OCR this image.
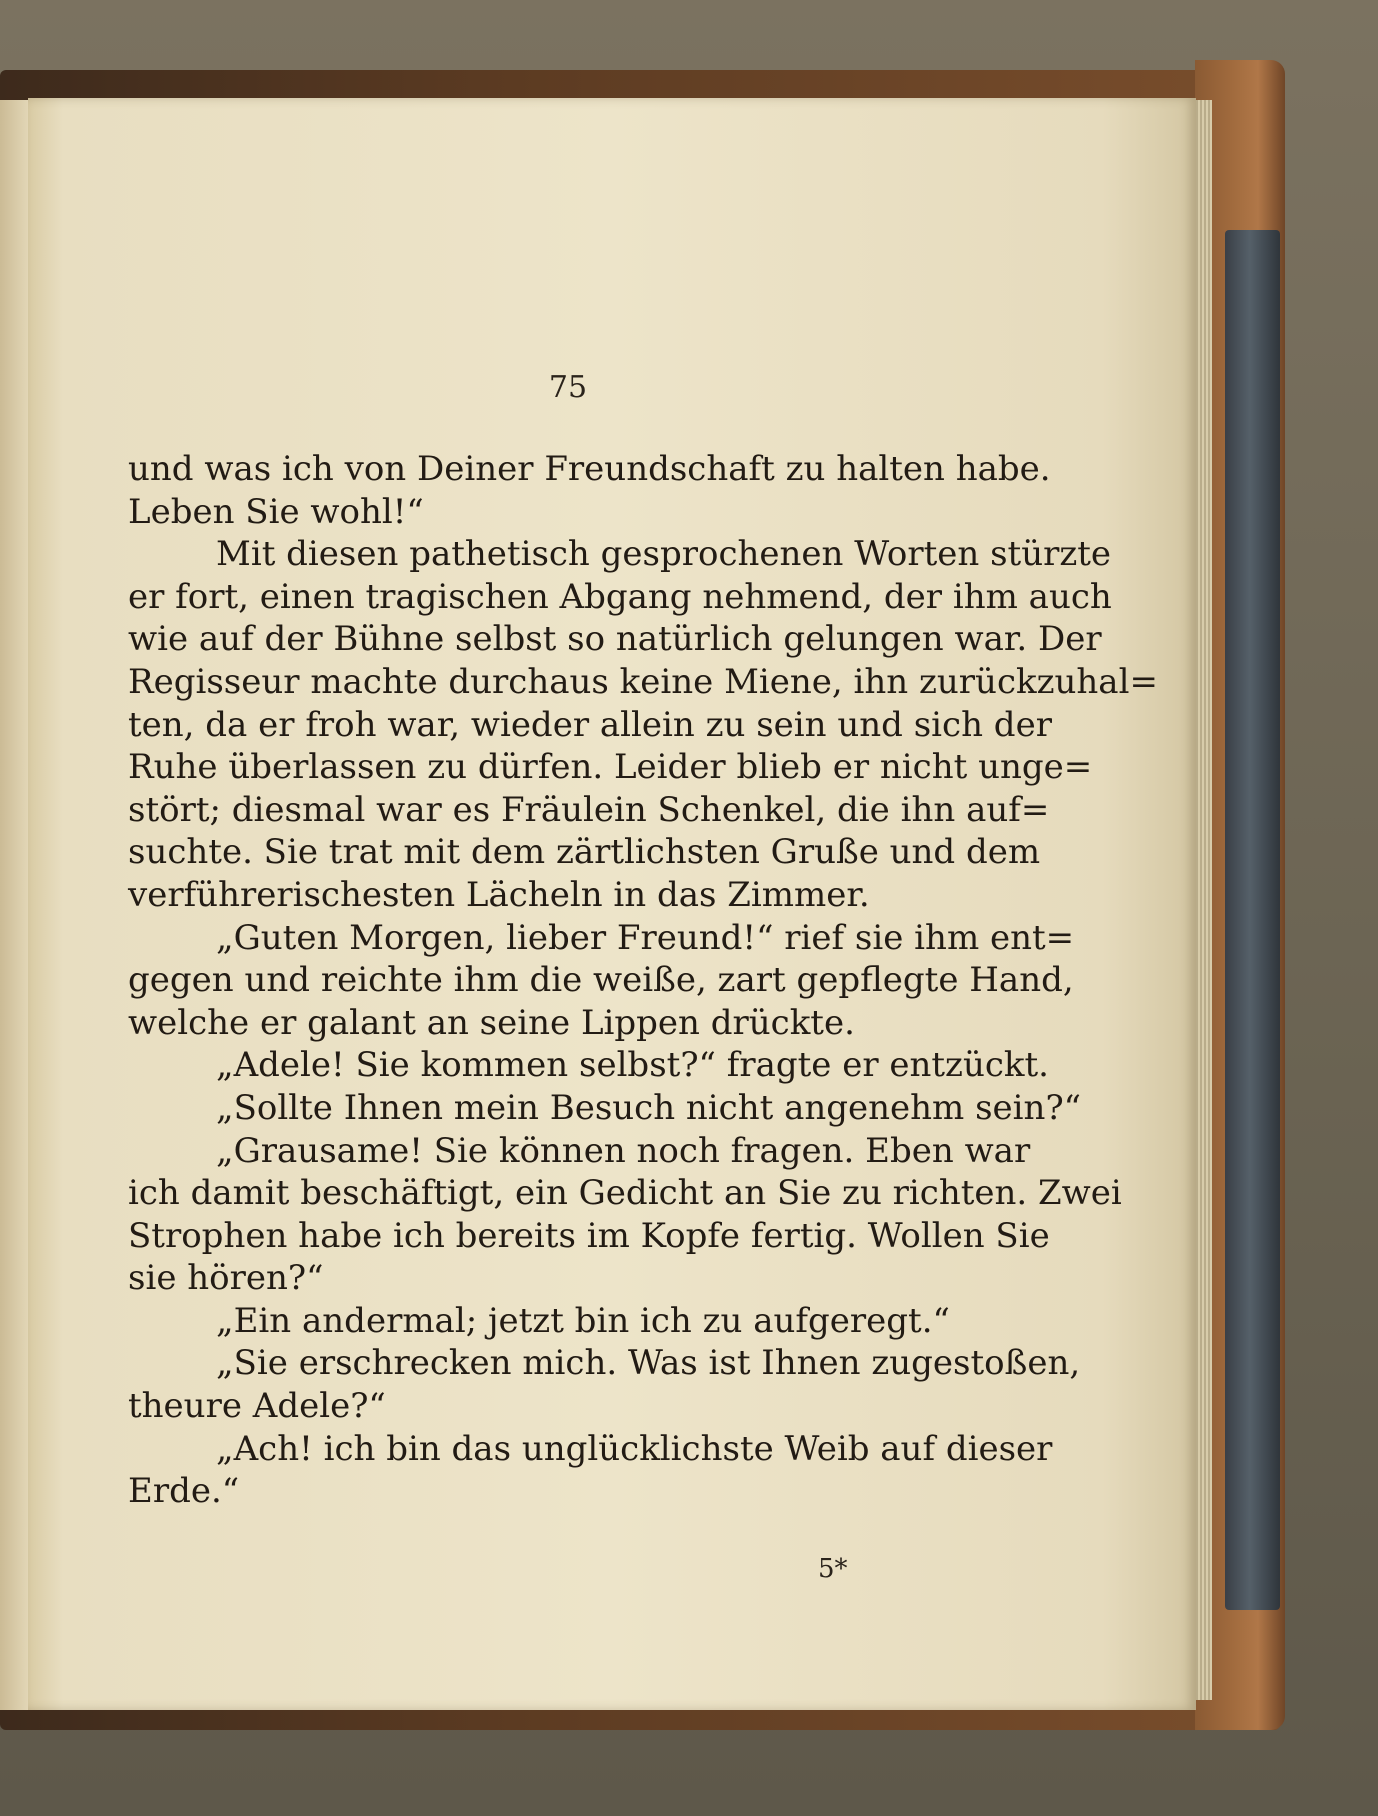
75
und was ich von Deiner Freundschaft zu halten habe.
Leben Sie wohl!“
Mit diesen pathetisch gesprochenen Worten stürzte
er fort, einen tragischen Abgang nehmend, der ihm auch
wie auf der Bühne selbst so natürlich gelungen war. Der
Regisseur machte durchaus keine Miene, ihn zurückzuhal=
ten, da er froh war, wieder allein zu sein und sich der
Ruhe überlassen zu dürfen. Leider blieb er nicht unge=
stört; diesmal war es Fräulein Schenkel, die ihn auf=
suchte. Sie trat mit dem zärtlichsten Gruße und dem
verführerischesten Lächeln in das Zimmer.
„Guten Morgen, lieber Freund!“ rief sie ihm ent=
gegen und reichte ihm die weiße, zart gepflegte Hand,
welche er galant an seine Lippen drückte.
„Adele! Sie kommen selbst?“ fragte er entzückt.
„Sollte Ihnen mein Besuch nicht angenehm sein?“
„Grausame! Sie können noch fragen. Eben war
ich damit beschäftigt, ein Gedicht an Sie zu richten. Zwei
Strophen habe ich bereits im Kopfe fertig. Wollen Sie
sie hören?“
„Ein andermal; jetzt bin ich zu aufgeregt.“
„Sie erschrecken mich. Was ist Ihnen zugestoßen,
theure Adele?“
„Ach! ich bin das unglücklichste Weib auf dieser
Erde.“
5*
